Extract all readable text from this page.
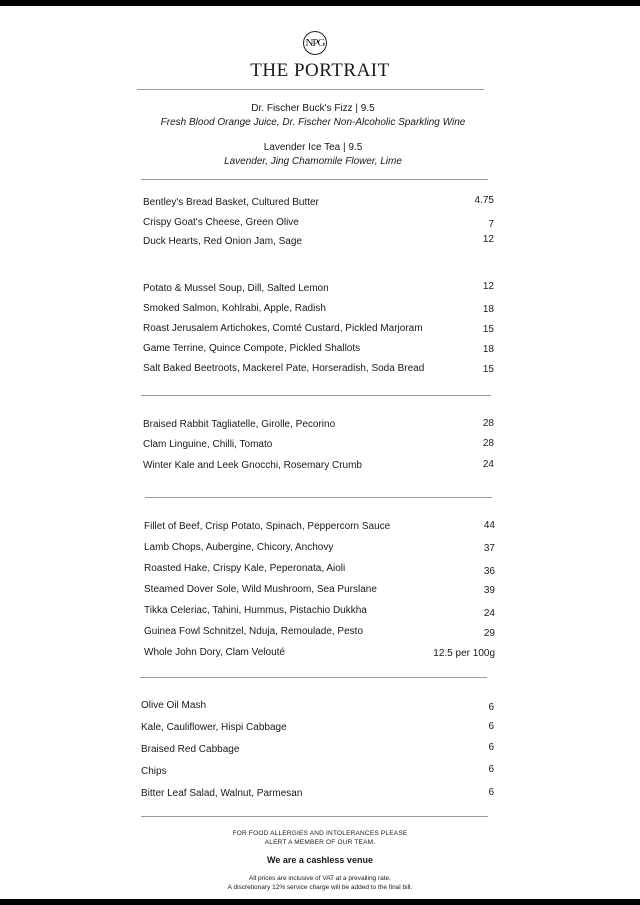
NPG
THE PORTRAIT
Dr. Fischer Buck's Fizz | 9.5
Fresh Blood Orange Juice, Dr. Fischer Non-Alcoholic Sparkling Wine
Lavender Ice Tea | 9.5
Lavender, Jing Chamomile Flower, Lime
Bentley's Bread Basket, Cultured Butter	4.75
Crispy Goat's Cheese, Green Olive	7
Duck Hearts, Red Onion Jam, Sage	12
Potato & Mussel Soup, Dill, Salted Lemon	12
Smoked Salmon, Kohlrabi, Apple, Radish	18
Roast Jerusalem Artichokes, Comté Custard, Pickled Marjoram	15
Game Terrine, Quince Compote, Pickled Shallots	18
Salt Baked Beetroots, Mackerel Pate, Horseradish, Soda Bread	15
Braised Rabbit Tagliatelle, Girolle, Pecorino	28
Clam Linguine, Chilli, Tomato	28
Winter Kale and Leek Gnocchi, Rosemary Crumb	24
Fillet of Beef, Crisp Potato, Spinach, Peppercorn Sauce	44
Lamb Chops, Aubergine, Chicory, Anchovy	37
Roasted Hake, Crispy Kale, Peperonata, Aioli	36
Steamed Dover Sole, Wild Mushroom, Sea Purslane	39
Tikka Celeriac, Tahini, Hummus, Pistachio Dukkha	24
Guinea Fowl Schnitzel, Nduja, Remoulade, Pesto	29
Whole John Dory, Clam Velouté	12.5 per 100g
Olive Oil Mash	6
Kale, Cauliflower, Hispi Cabbage	6
Braised Red Cabbage	6
Chips	6
Bitter Leaf Salad, Walnut, Parmesan	6
FOR FOOD ALLERGIES AND INTOLERANCES PLEASE
ALERT A MEMBER OF OUR TEAM.
We are a cashless venue
All prices are inclusive of VAT at a prevailing rate.
A discretionary 12% service charge will be added to the final bill.
